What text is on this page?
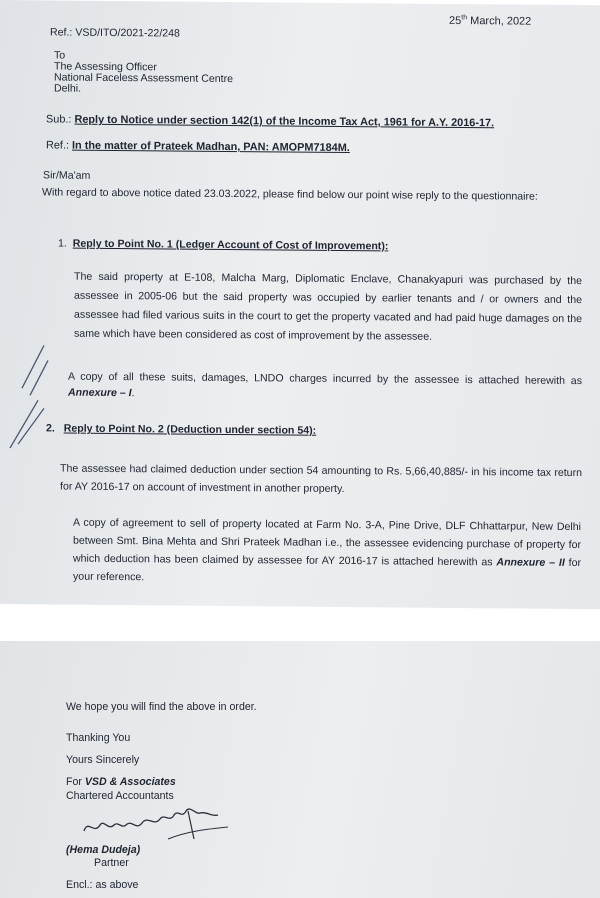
25th March, 2022
Ref.: VSD/ITO/2021-22/248
To
The Assessing Officer
National Faceless Assessment Centre
Delhi.
Sub.: Reply to Notice under section 142(1) of the Income Tax Act, 1961 for A.Y. 2016-17.
Ref.: In the matter of Prateek Madhan, PAN: AMOPM7184M.
Sir/Ma'am
With regard to above notice dated 23.03.2022, please find below our point wise reply to the questionnaire:
1. Reply to Point No. 1 (Ledger Account of Cost of Improvement):
The said property at E-108, Malcha Marg, Diplomatic Enclave, Chanakyapuri was purchased by the assessee in 2005-06 but the said property was occupied by earlier tenants and / or owners and the assessee had filed various suits in the court to get the property vacated and had paid huge damages on the same which have been considered as cost of improvement by the assessee.
A copy of all these suits, damages, LNDO charges incurred by the assessee is attached herewith as Annexure – I.
2. Reply to Point No. 2 (Deduction under section 54):
The assessee had claimed deduction under section 54 amounting to Rs. 5,66,40,885/- in his income tax return for AY 2016-17 on account of investment in another property.
A copy of agreement to sell of property located at Farm No. 3-A, Pine Drive, DLF Chhattarpur, New Delhi between Smt. Bina Mehta and Shri Prateek Madhan i.e., the assessee evidencing purchase of property for which deduction has been claimed by assessee for AY 2016-17 is attached herewith as Annexure – II for your reference.
We hope you will find the above in order.
Thanking You
Yours Sincerely
For VSD & Associates
Chartered Accountants
(Hema Dudeja)
Partner
Encl.: as above
